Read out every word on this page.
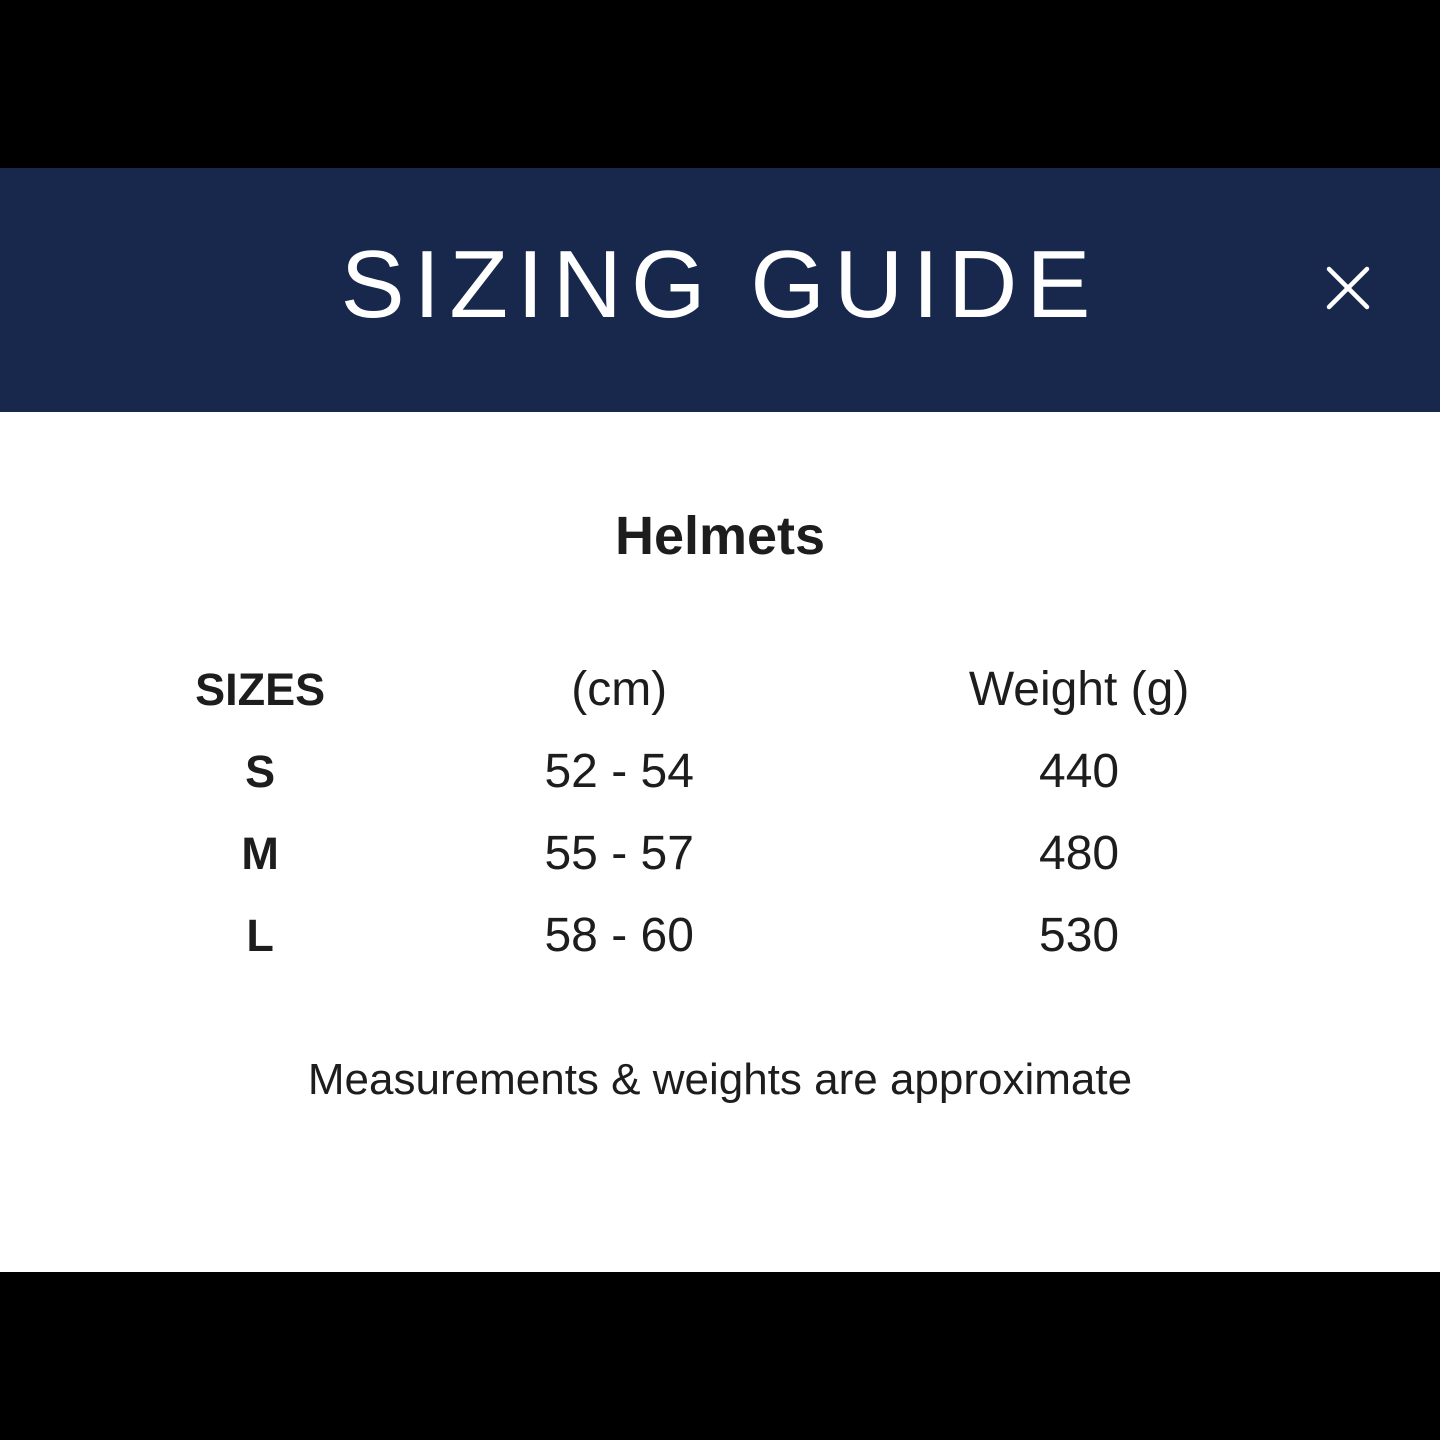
SIZING GUIDE
Helmets
SIZES	(cm)	Weight (g)
S	52 - 54	440
M	55 - 57	480
L	58 - 60	530
Measurements & weights are approximate
